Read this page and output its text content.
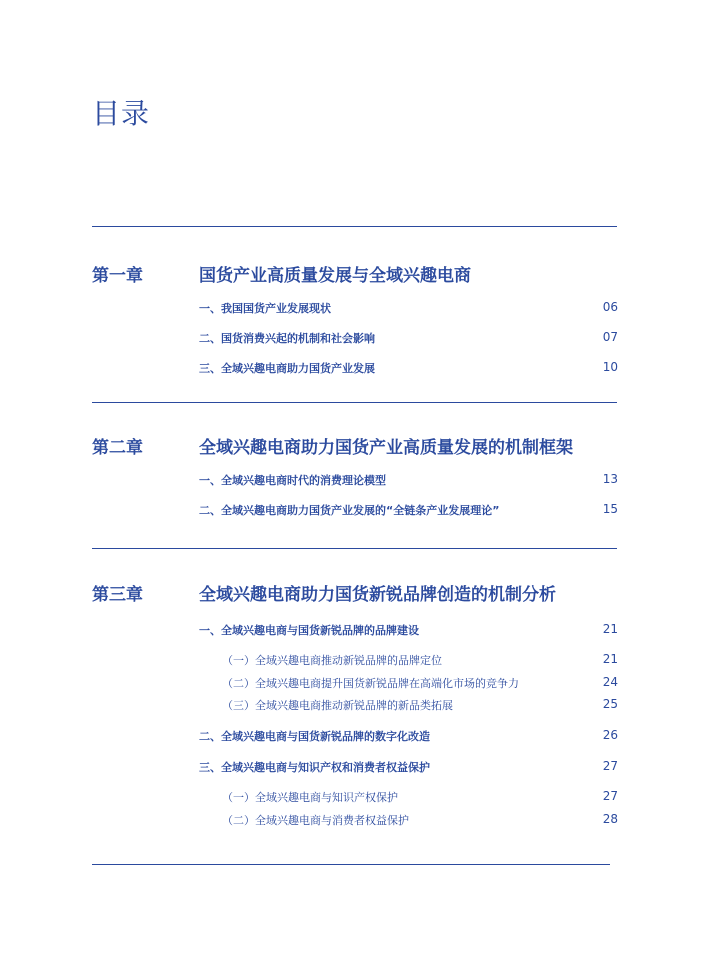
目录
第一章	国货产业高质量发展与全域兴趣电商
一、我国国货产业发展现状	06
二、国货消费兴起的机制和社会影响	07
三、全域兴趣电商助力国货产业发展	10
第二章	全域兴趣电商助力国货产业高质量发展的机制框架
一、全域兴趣电商时代的消费理论模型	13
二、全域兴趣电商助力国货产业发展的“全链条产业发展理论”	15
第三章	全域兴趣电商助力国货新锐品牌创造的机制分析
一、全域兴趣电商与国货新锐品牌的品牌建设	21
（一）全域兴趣电商推动新锐品牌的品牌定位	21
（二）全域兴趣电商提升国货新锐品牌在高端化市场的竞争力	24
（三）全域兴趣电商推动新锐品牌的新品类拓展	25
二、全域兴趣电商与国货新锐品牌的数字化改造	26
三、全域兴趣电商与知识产权和消费者权益保护	27
（一）全域兴趣电商与知识产权保护	27
（二）全域兴趣电商与消费者权益保护	28
